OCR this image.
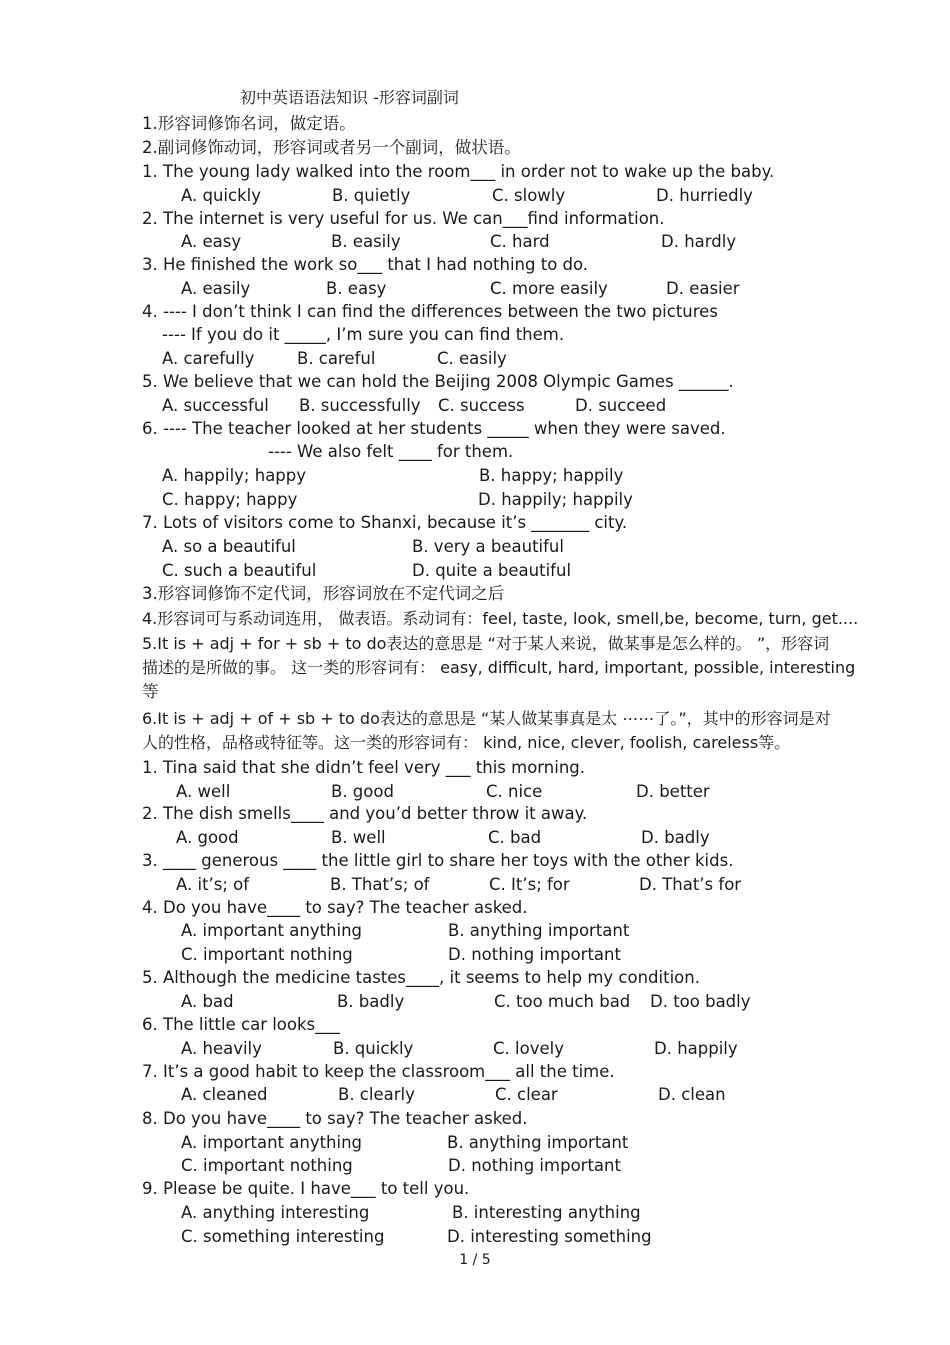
初中英语语法知识 -形容词副词
1.形容词修饰名词，做定语。
2.副词修饰动词，形容词或者另一个副词，做状语。
1. The young lady walked into the room___ in order not to wake up the baby.
A. quickly	B. quietly	C. slowly	D. hurriedly
2. The internet is very useful for us. We can___find information.
A. easy	B. easily	C. hard	D. hardly
3. He finished the work so___ that I had nothing to do.
A. easily	B. easy	C. more easily	D. easier
4. ---- I don’t think I can find the differences between the two pictures
---- If you do it _____, I’m sure you can find them.
A. carefully	B. careful	C. easily
5. We believe that we can hold the Beijing 2008 Olympic Games ______.
A. successful B. successfully C. success	D. succeed
6. ---- The teacher looked at her students _____ when they were saved.
---- We also felt ____ for them.
A. happily; happy	B. happy; happily
C. happy; happy	D. happily; happily
7. Lots of visitors come to Shanxi, because it’s _______ city.
A. so a beautiful	B. very a beautiful
C. such a beautiful	D. quite a beautiful
3.形容词修饰不定代词，形容词放在不定代词之后
4.形容词可与系动词连用， 做表语。系动词有：feel, taste, look, smell,be, become, turn, get....
5.It is + adj + for + sb + to do表达的意思是 “对于某人来说，做某事是怎么样的。 ”，形容词
描述的是所做的事。 这一类的形容词有： easy, difficult, hard, important, possible, interesting
等
6.It is + adj + of + sb + to do表达的意思是 “某人做某事真是太 ⋯⋯了。”，其中的形容词是对
人的性格，品格或特征等。这一类的形容词有： kind, nice, clever, foolish, careless等。
1. Tina said that she didn’t feel very ___ this morning.
A. well	B. good	C. nice	D. better
2. The dish smells____ and you’d better throw it away.
A. good	B. well	C. bad	D. badly
3. ____ generous ____ the little girl to share her toys with the other kids.
A. it’s; of	B. That’s; of	C. It’s; for	D. That’s for
4. Do you have____ to say? The teacher asked.
A. important anything	B. anything important
C. important nothing	D. nothing important
5. Although the medicine tastes____, it seems to help my condition.
A. bad	B. badly	C. too much bad D. too badly
6. The little car looks___
A. heavily	B. quickly	C. lovely	D. happily
7. It’s a good habit to keep the classroom___ all the time.
A. cleaned	B. clearly	C. clear	D. clean
8. Do you have____ to say? The teacher asked.
A. important anything	B. anything important
C. important nothing	D. nothing important
9. Please be quite. I have___ to tell you.
A. anything interesting	B. interesting anything
C. something interesting	D. interesting something
1 / 5
